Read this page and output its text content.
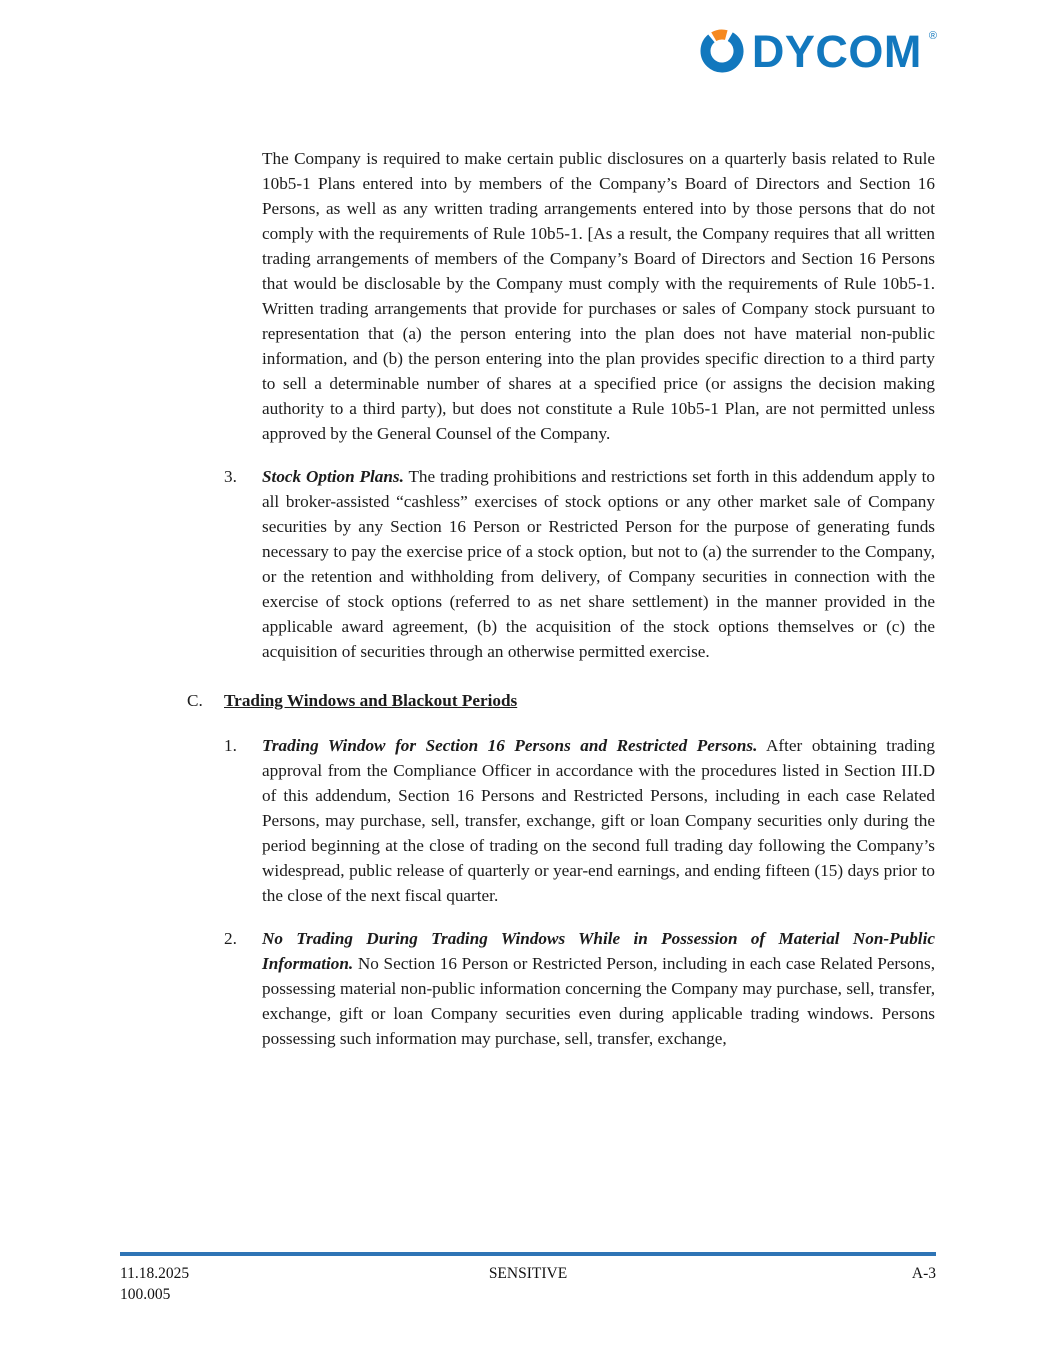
DYCOM ®

The Company is required to make certain public disclosures on a quarterly basis related to Rule 10b5-1 Plans entered into by members of the Company’s Board of Directors and Section 16 Persons, as well as any written trading arrangements entered into by those persons that do not comply with the requirements of Rule 10b5-1. [As a result, the Company requires that all written trading arrangements of members of the Company’s Board of Directors and Section 16 Persons that would be disclosable by the Company must comply with the requirements of Rule 10b5-1. Written trading arrangements that provide for purchases or sales of Company stock pursuant to representation that (a) the person entering into the plan does not have material non-public information, and (b) the person entering into the plan provides specific direction to a third party to sell a determinable number of shares at a specified price (or assigns the decision making authority to a third party), but does not constitute a Rule 10b5-1 Plan, are not permitted unless approved by the General Counsel of the Company.

3. Stock Option Plans. The trading prohibitions and restrictions set forth in this addendum apply to all broker-assisted “cashless” exercises of stock options or any other market sale of Company securities by any Section 16 Person or Restricted Person for the purpose of generating funds necessary to pay the exercise price of a stock option, but not to (a) the surrender to the Company, or the retention and withholding from delivery, of Company securities in connection with the exercise of stock options (referred to as net share settlement) in the manner provided in the applicable award agreement, (b) the acquisition of the stock options themselves or (c) the acquisition of securities through an otherwise permitted exercise.
C. Trading Windows and Blackout Periods
1. Trading Window for Section 16 Persons and Restricted Persons. After obtaining trading approval from the Compliance Officer in accordance with the procedures listed in Section III.D of this addendum, Section 16 Persons and Restricted Persons, including in each case Related Persons, may purchase, sell, transfer, exchange, gift or loan Company securities only during the period beginning at the close of trading on the second full trading day following the Company’s widespread, public release of quarterly or year-end earnings, and ending fifteen (15) days prior to the close of the next fiscal quarter.
2. No Trading During Trading Windows While in Possession of Material Non-Public Information. No Section 16 Person or Restricted Person, including in each case Related Persons, possessing material non-public information concerning the Company may purchase, sell, transfer, exchange, gift or loan Company securities even during applicable trading windows. Persons possessing such information may purchase, sell, transfer, exchange,
11.18.2025
100.005
SENSITIVE	A-3
